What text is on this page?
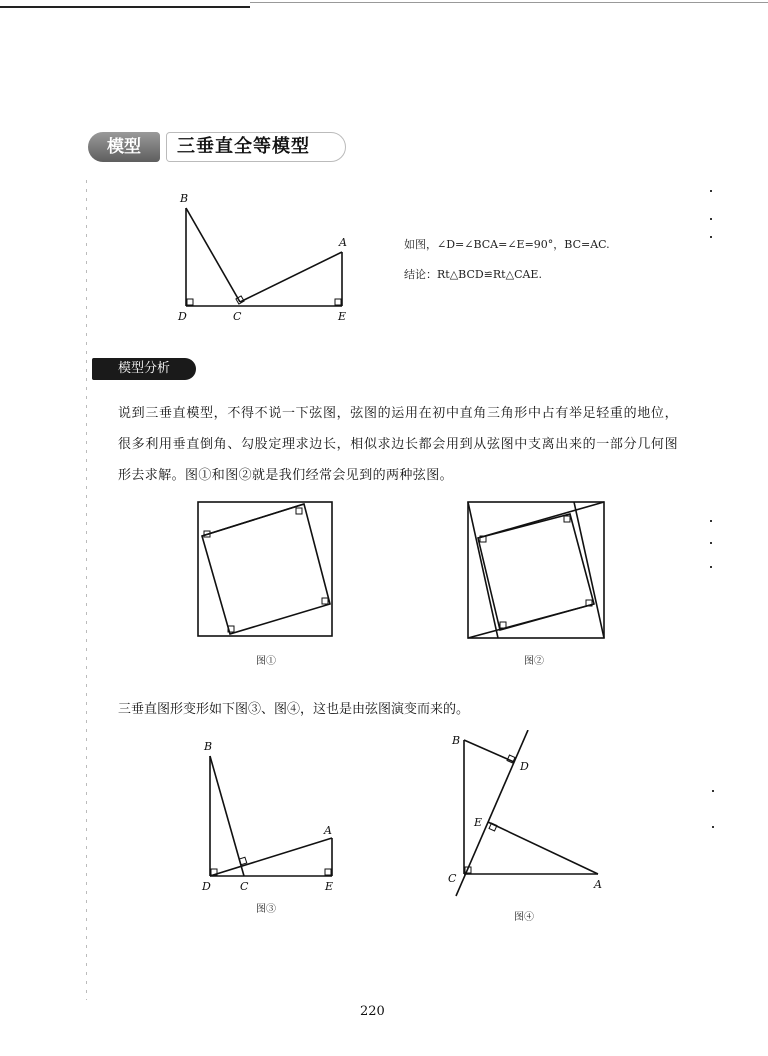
模型	三垂直全等模型
B
A
D	C	E
如图，∠D=∠BCA=∠E=90°，BC=AC.
结论：Rt△BCD≌Rt△CAE.
模型分析
说到三垂直模型，不得不说一下弦图，弦图的运用在初中直角三角形中占有举足轻重的地位，很多利用垂直倒角、勾股定理求边长，相似求边长都会用到从弦图中支离出来的一部分几何图形去求解。图①和图②就是我们经常会见到的两种弦图。
图①	图②
三垂直图形变形如下图③、图④，这也是由弦图演变而来的。
B
A
D	C	E
图③
B
D
E
C	A
图④
220
